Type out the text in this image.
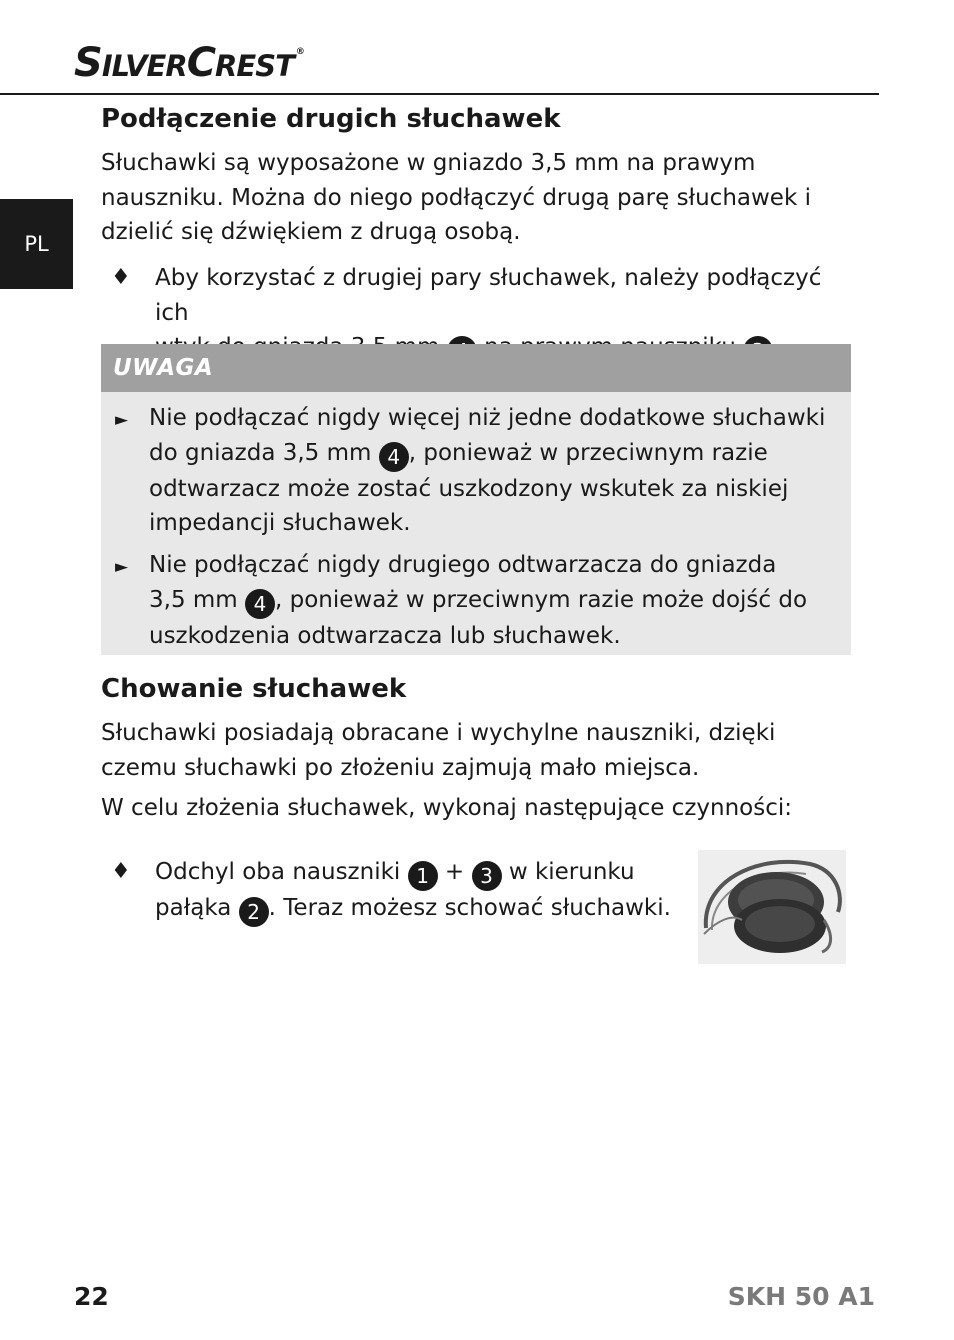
SILVERCREST ®
PL
Podłączenie drugich słuchawek
Słuchawki są wyposażone w gniazdo 3,5 mm na prawym nauszniku. Można do niego podłączyć drugą parę słuchawek i dzielić się dźwiękiem z drugą osobą.
♦ Aby korzystać z drugiej pary słuchawek, należy podłączyć ich

UWAGA
► Nie podłączać nigdy więcej niż jedne dodatkowe słuchawki
do gniazda 3,5 mm 4 , ponieważ w przeciwnym razie
odtwarzacz może zostać uszkodzony wskutek za niskiej
impedancji słuchawek.
► Nie podłączać nigdy drugiego odtwarzacza do gniazda
3,5 mm 4 , ponieważ w przeciwnym razie może dojść do
uszkodzenia odtwarzacza lub słuchawek.
Chowanie słuchawek
Słuchawki posiadają obracane i wychylne nauszniki, dzięki czemu słuchawki po złożeniu zajmują mało miejsca.
W celu złożenia słuchawek, wykonaj następujące czynności:
♦ Odchyl oba nauszniki 1 + 3 w kierunku
pałąka 2 . Teraz możesz schować słuchawki.
22	SKH 50 A1
